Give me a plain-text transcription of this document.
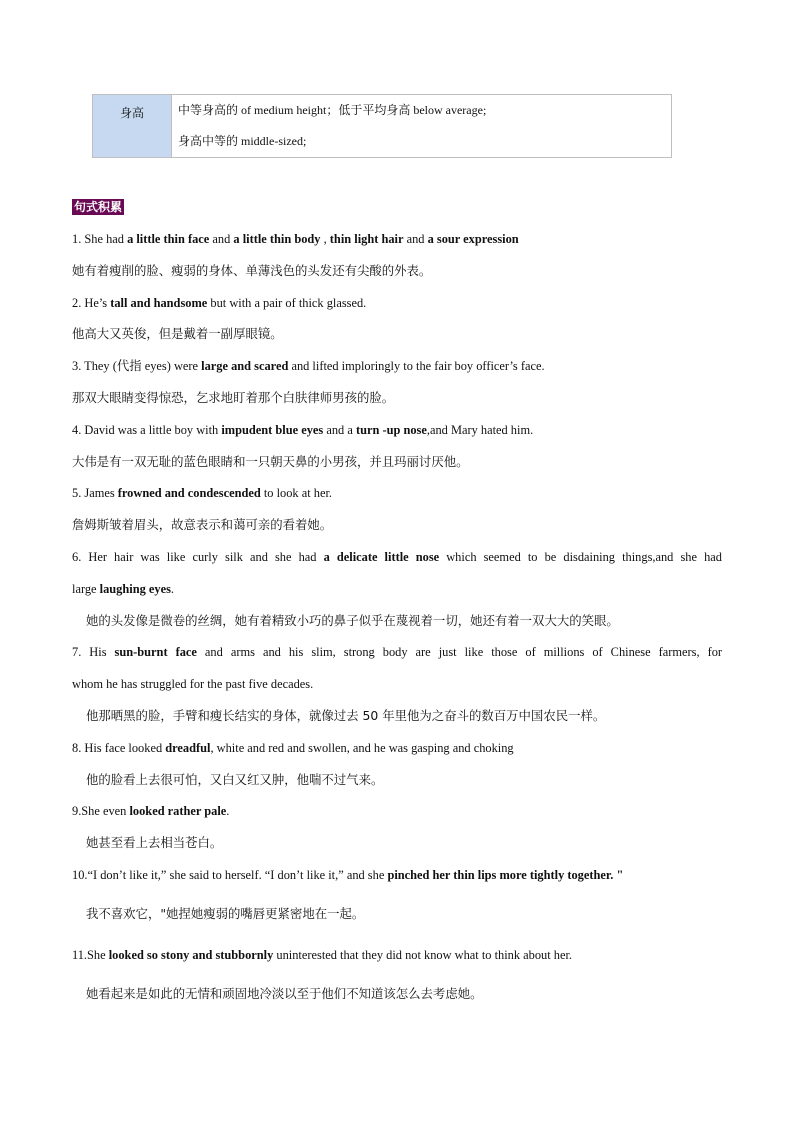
身高	中等身高的 of medium height；低于平均身高 below average;
身高中等的 middle-sized;
句式积累
1. She had a little thin face and a little thin body , thin light hair and a sour expression
她有着瘦削的脸、瘦弱的身体、单薄浅色的头发还有尖酸的外表。
2. He’s tall and handsome but with a pair of thick glassed.
他高大又英俊，但是戴着一副厚眼镜。
3. They (代指 eyes) were large and scared and lifted imploringly to the fair boy officer’s face.
那双大眼睛变得惊恐，乞求地盯着那个白肤律师男孩的脸。
4. David was a little boy with impudent blue eyes and a turn -up nose,and Mary hated him.
大伟是有一双无耻的蓝色眼睛和一只朝天鼻的小男孩，并且玛丽讨厌他。
5. James frowned and condescended to look at her.
詹姆斯皱着眉头，故意表示和蔼可亲的看着她。
6. Her hair was like curly silk and she had a delicate little nose which seemed to be disdaining things,and she had
large laughing eyes.
她的头发像是微卷的丝绸，她有着精致小巧的鼻子似乎在蔑视着一切，她还有着一双大大的笑眼。
7. His sun-burnt face and arms and his slim, strong body are just like those of millions of Chinese farmers, for
whom he has struggled for the past five decades.
他那晒黑的脸，手臂和瘦长结实的身体，就像过去 50 年里他为之奋斗的数百万中国农民一样。
8. His face looked dreadful, white and red and swollen, and he was gasping and choking
他的脸看上去很可怕，又白又红又肿，他喘不过气来。
9.She even looked rather pale.
她甚至看上去相当苍白。
10.“I don’t like it,” she said to herself. “I don’t like it,” and she pinched her thin lips more tightly together. "
我不喜欢它，"她捏她瘦弱的嘴唇更紧密地在一起。
11.She looked so stony and stubbornly uninterested that they did not know what to think about her.
她看起来是如此的无情和顽固地冷淡以至于他们不知道该怎么去考虑她。
